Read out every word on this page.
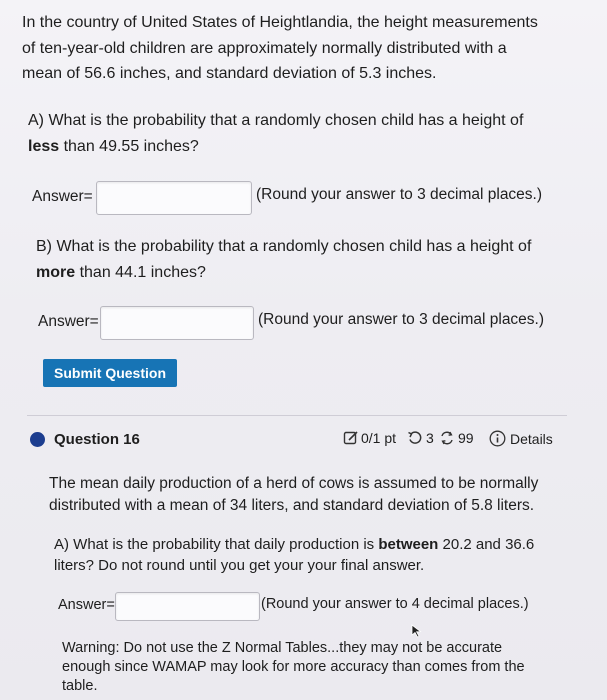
In the country of United States of Heightlandia, the height measurements

of ten-year-old children are approximately normally distributed with a

mean of 56.6 inches, and standard deviation of 5.3 inches.

A) What is the probability that a randomly chosen child has a height of

less than 49.55 inches?

Answer=	(Round your answer to 3 decimal places.)

B) What is the probability that a randomly chosen child has a height of

more than 44.1 inches?

Answer=	(Round your answer to 3 decimal places.)
Submit Question
Question 16	0/1 pt 3 99	Details

The mean daily production of a herd of cows is assumed to be normally

distributed with a mean of 34 liters, and standard deviation of 5.8 liters.

A) What is the probability that daily production is between 20.2 and 36.6

liters? Do not round until you get your your final answer.

Answer=	(Round your answer to 4 decimal places.)

Warning: Do not use the Z Normal Tables...they may not be accurate

enough since WAMAP may look for more accuracy than comes from the

table.
